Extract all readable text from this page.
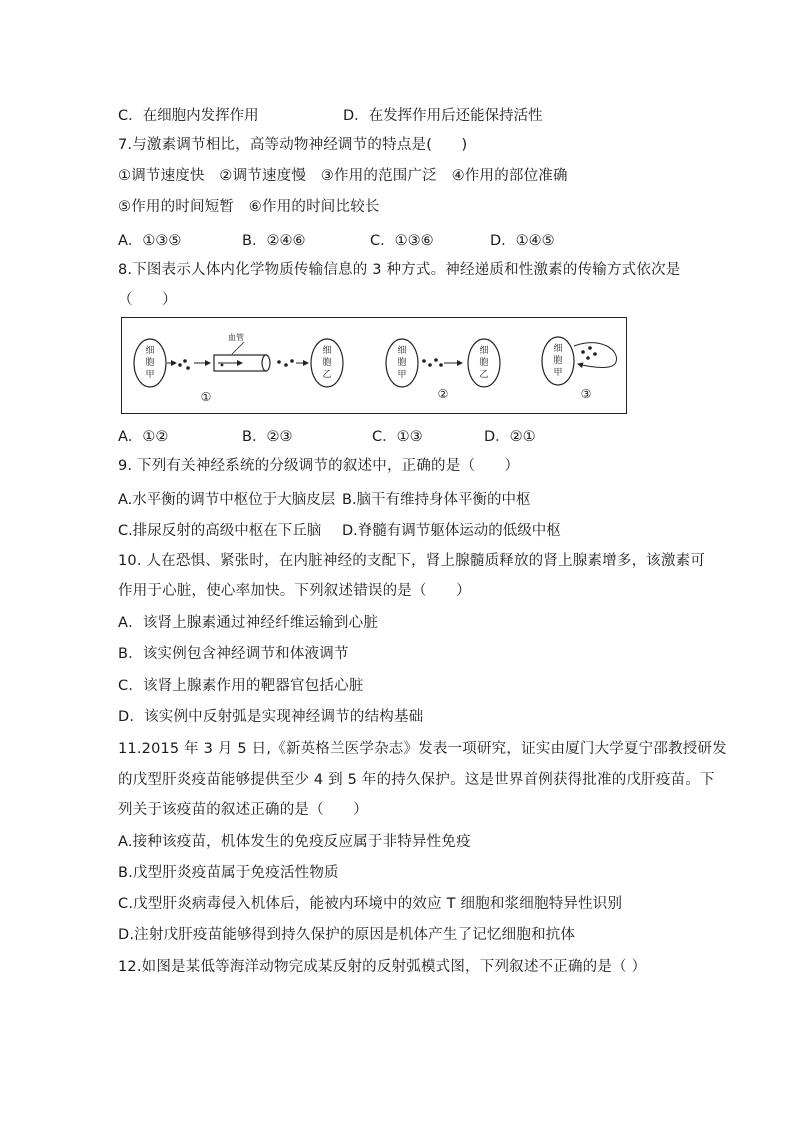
C．在细胞内发挥作用	D．在发挥作用后还能保持活性
7.与激素调节相比，高等动物神经调节的特点是(　　)
①调节速度快　②调节速度慢　③作用的范围广泛　④作用的部位准确
⑤作用的时间短暂　⑥作用的时间比较长
A．①③⑤	B．②④⑥	C．①③⑥	D．①④⑤
8.下图表示人体内化学物质传输信息的 3 种方式。神经递质和性激素的传输方式依次是
（　　）
细
胞
甲
血管
细
胞
乙
①
细
胞
甲
细
胞
乙
②
细
胞
甲
③
A．①②	B．②③	C．①③	D．②①
9. 下列有关神经系统的分级调节的叙述中，正确的是（　　）
A.水平衡的调节中枢位于大脑皮层 B.脑干有维持身体平衡的中枢
C.排尿反射的高级中枢在下丘脑 D.脊髓有调节躯体运动的低级中枢
10. 人在恐惧、紧张时，在内脏神经的支配下，肾上腺髓质释放的肾上腺素增多，该激素可
作用于心脏，使心率加快。下列叙述错误的是（　　）
A．该肾上腺素通过神经纤维运输到心脏
B．该实例包含神经调节和体液调节
C．该肾上腺素作用的靶器官包括心脏
D．该实例中反射弧是实现神经调节的结构基础
11.2015 年 3 月 5 日,《新英格兰医学杂志》发表一项研究，证实由厦门大学夏宁邵教授研发
的戊型肝炎疫苗能够提供至少 4 到 5 年的持久保护。这是世界首例获得批准的戊肝疫苗。下
列关于该疫苗的叙述正确的是（　　）
A.接种该疫苗，机体发生的免疫反应属于非特异性免疫
B.戊型肝炎疫苗属于免疫活性物质
C.戊型肝炎病毒侵入机体后，能被内环境中的效应 T 细胞和浆细胞特异性识别
D.注射戊肝疫苗能够得到持久保护的原因是机体产生了记忆细胞和抗体
12.如图是某低等海洋动物完成某反射的反射弧模式图，下列叙述不正确的是（ ）
